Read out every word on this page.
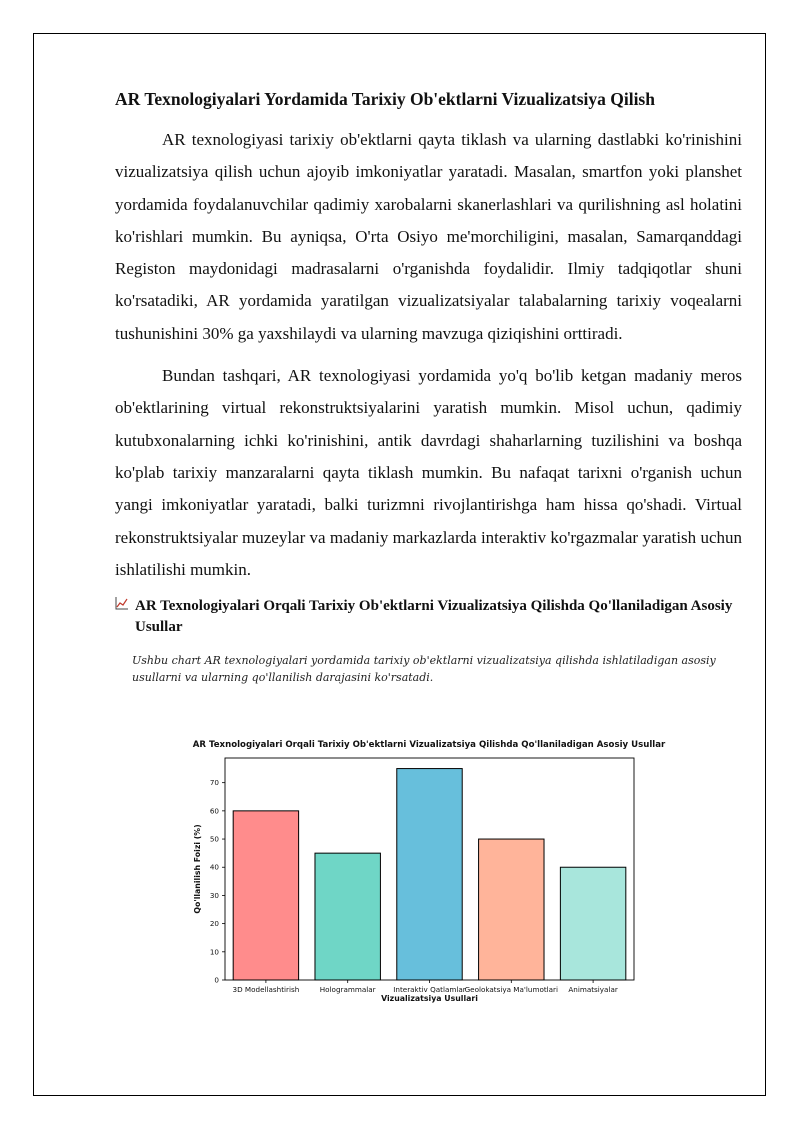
AR Texnologiyalari Yordamida Tarixiy Ob'ektlarni Vizualizatsiya Qilish

AR texnologiyasi tarixiy ob'ektlarni qayta tiklash va ularning dastlabki ko'rinishini vizualizatsiya qilish uchun ajoyib imkoniyatlar yaratadi. Masalan, smartfon yoki planshet yordamida foydalanuvchilar qadimiy xarobalarni skanerlashlari va qurilishning asl holatini ko'rishlari mumkin. Bu ayniqsa, O'rta Osiyo me'morchiligini, masalan, Samarqanddagi Registon maydonidagi madrasalarni o'rganishda foydalidir. Ilmiy tadqiqotlar shuni ko'rsatadiki, AR yordamida yaratilgan vizualizatsiyalar talabalarning tarixiy voqealarni tushunishini 30% ga yaxshilaydi va ularning mavzuga qiziqishini orttiradi.

Bundan tashqari, AR texnologiyasi yordamida yo'q bo'lib ketgan madaniy meros ob'ektlarining virtual rekonstruktsiyalarini yaratish mumkin. Misol uchun, qadimiy kutubxonalarning ichki ko'rinishini, antik davrdagi shaharlarning tuzilishini va boshqa ko'plab tarixiy manzaralarni qayta tiklash mumkin. Bu nafaqat tarixni o'rganish uchun yangi imkoniyatlar yaratadi, balki turizmni rivojlantirishga ham hissa qo'shadi. Virtual rekonstruktsiyalar muzeylar va madaniy markazlarda interaktiv ko'rgazmalar yaratish uchun ishlatilishi mumkin.

AR Texnologiyalari Orqali Tarixiy Ob'ektlarni Vizualizatsiya Qilishda Qo'llaniladigan Asosiy Usullar
Ushbu chart AR texnologiyalari yordamida tarixiy ob'ektlarni vizualizatsiya qilishda ishlatiladigan asosiy usullarni va ularning qo'llanilish darajasini ko'rsatadi.
AR Texnologiyalari Orqali Tarixiy Ob'ektlarni Vizualizatsiya Qilishda Qo'llaniladigan Asosiy Usullar
3D Modellashtirish	Hologrammalar Interaktiv Qatlamlar
Geolokatsiya Ma'lumotlari Animatsiyalar
0
10
20
30
40
50
60
70
Vizualizatsiya Usullari
Qo'llanilish Foizi (%)
